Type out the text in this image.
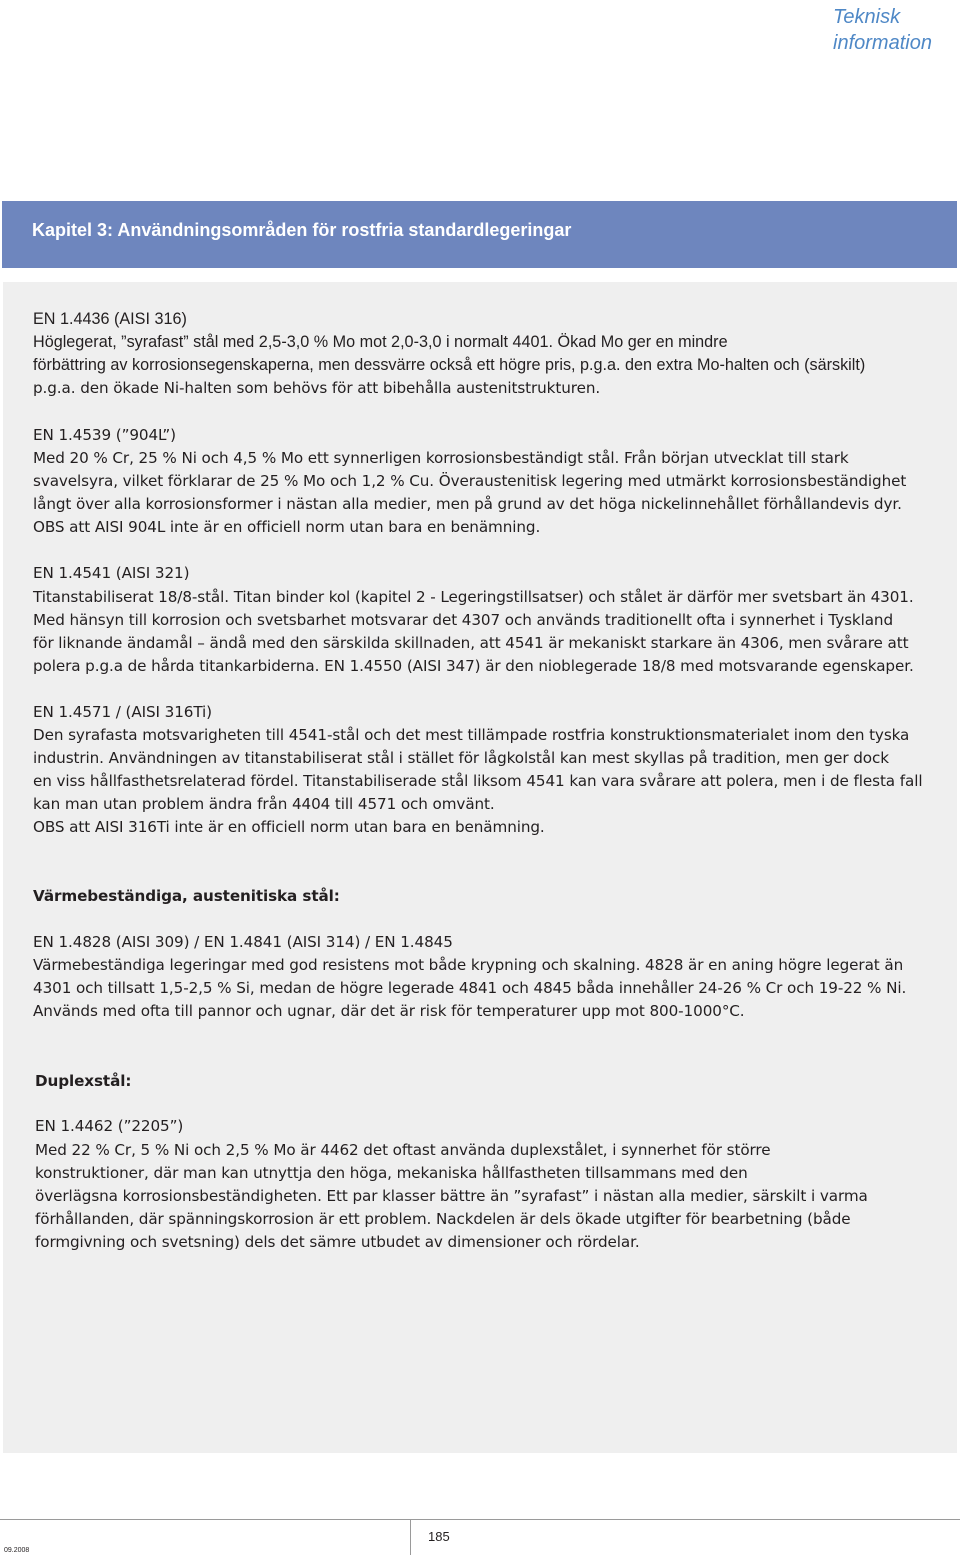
Teknisk
information
Kapitel 3: Användningsområden för rostfria standardlegeringar
EN 1.4436 (AISI 316)
Höglegerat, ”syrafast” stål med 2,5-3,0 % Mo mot 2,0-3,0 i normalt 4401. Ökad Mo ger en mindre
förbättring av korrosionsegenskaperna, men dessvärre också ett högre pris, p.g.a. den extra Mo-halten och (särskilt)
p.g.a. den ökade Ni-halten som behövs för att bibehålla austenitstrukturen.
EN 1.4539 (”904L”)
Med 20 % Cr, 25 % Ni och 4,5 % Mo ett synnerligen korrosionsbeständigt stål. Från början utvecklat till stark
svavelsyra, vilket förklarar de 25 % Mo och 1,2 % Cu. Överaustenitisk legering med utmärkt korrosionsbeständighet
långt över alla korrosionsformer i nästan alla medier, men på grund av det höga nickelinnehållet förhållandevis dyr.
OBS att AISI 904L inte är en officiell norm utan bara en benämning.
EN 1.4541 (AISI 321)
Titanstabiliserat 18/8-stål. Titan binder kol (kapitel 2 - Legeringstillsatser) och stålet är därför mer svetsbart än 4301.
Med hänsyn till korrosion och svetsbarhet motsvarar det 4307 och används traditionellt ofta i synnerhet i Tyskland
för liknande ändamål – ändå med den särskilda skillnaden, att 4541 är mekaniskt starkare än 4306, men svårare att
polera p.g.a de hårda titankarbiderna. EN 1.4550 (AISI 347) är den nioblegerade 18/8 med motsvarande egenskaper.
EN 1.4571 / (AISI 316Ti)
Den syrafasta motsvarigheten till 4541-stål och det mest tillämpade rostfria konstruktionsmaterialet inom den tyska
industrin. Användningen av titanstabiliserat stål i stället för lågkolstål kan mest skyllas på tradition, men ger dock
en viss hållfasthetsrelaterad fördel. Titanstabiliserade stål liksom 4541 kan vara svårare att polera, men i de flesta fall
kan man utan problem ändra från 4404 till 4571 och omvänt.
OBS att AISI 316Ti inte är en officiell norm utan bara en benämning.
Värmebeständiga, austenitiska stål:
EN 1.4828 (AISI 309) / EN 1.4841 (AISI 314) / EN 1.4845
Värmebeständiga legeringar med god resistens mot både krypning och skalning. 4828 är en aning högre legerat än
4301 och tillsatt 1,5-2,5 % Si, medan de högre legerade 4841 och 4845 båda innehåller 24-26 % Cr och 19-22 % Ni.
Används med ofta till pannor och ugnar, där det är risk för temperaturer upp mot 800-1000°C.
Duplexstål:
EN 1.4462 (”2205”)
Med 22 % Cr, 5 % Ni och 2,5 % Mo är 4462 det oftast använda duplexstålet, i synnerhet för större
konstruktioner, där man kan utnyttja den höga, mekaniska hållfastheten tillsammans med den
överlägsna korrosionsbeständigheten. Ett par klasser bättre än ”syrafast” i nästan alla medier, särskilt i varma
förhållanden, där spänningskorrosion är ett problem. Nackdelen är dels ökade utgifter för bearbetning (både
formgivning och svetsning) dels det sämre utbudet av dimensioner och rördelar.
185
09.2008
